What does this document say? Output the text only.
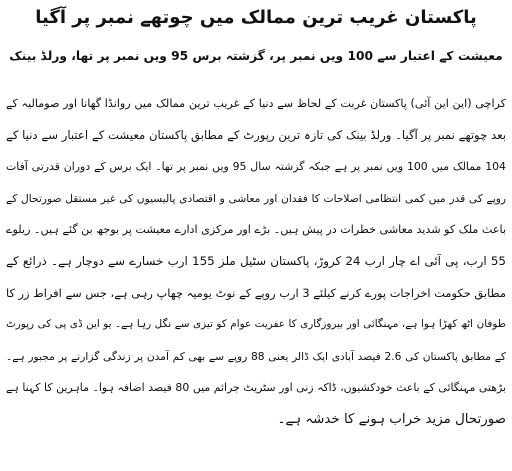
پاکستان غریب ترین ممالک میں چوتھے نمبر پر آگیا
معیشت کے اعتبار سے 100 ویں نمبر پر، گزشتہ برس 95 ویں نمبر پر تھا، ورلڈ بینک
کراچی (این این آئی) پاکستان غربت کے لحاظ سے دنیا کے غریب ترین ممالک میں روانڈا گھانا اور صومالیہ کے
بعد چوتھے نمبر پر آگیا۔ ورلڈ بینک کی تازہ ترین رپورٹ کے مطابق پاکستان معیشت کے اعتبار سے دنیا کے
104 ممالک میں 100 ویں نمبر پر ہے جبکہ گزشتہ سال 95 ویں نمبر پر تھا۔ ایک برس کے دوران قدرتی آفات
روپے کی قدر میں کمی انتظامی اصلاحات کا فقدان اور معاشی و اقتصادی پالیسیوں کی غیر مستقل صورتحال کے
باعث ملک کو شدید معاشی خطرات در پیش ہیں۔ بڑے اور مرکزی ادارے معیشت پر بوجھ بن گئے ہیں۔ ریلوے
55 ارب، پی آئی اے چار ارب 24 کروڑ، پاکستان سٹیل ملز 155 ارب خسارے سے دوچار ہے۔ ذرائع کے
مطابق حکومت اخراجات پورے کرنے کیلئے 3 ارب روپے کے نوٹ یومیہ چھاپ رہی ہے، جس سے افراط زر کا
طوفان اٹھ کھڑا ہوا ہے، مہنگائی اور بیروزگاری کا عفریت عوام کو تیزی سے نگل رہا ہے۔ یو این ڈی پی کی رپورٹ
کے مطابق پاکستان کی 2.6 فیصد آبادی ایک ڈالر یعنی 88 روپے سے بھی کم آمدن پر زندگی گزارنے پر مجبور ہے۔
بڑھتی مہنگائی کے باعث خودکشیوں، ڈاکہ زنی اور سٹریٹ جرائم میں 80 فیصد اضافہ ہوا۔ ماہرین کا کہنا ہے
صورتحال مزید خراب ہونے کا خدشہ ہے۔
